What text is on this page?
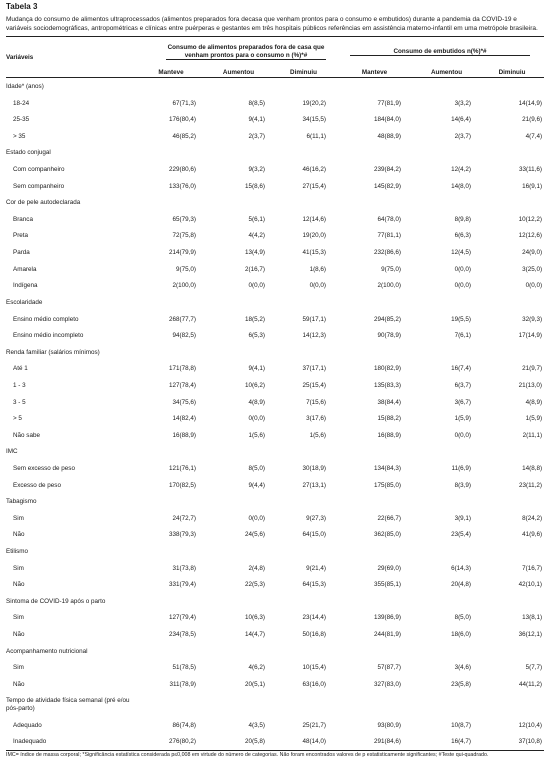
Tabela 3
Mudança do consumo de alimentos ultraprocessados (alimentos preparados fora decasa que venham prontos para o consumo e embutidos) durante a pandemia da COVID-19 e variáveis sociodemográficas, antropométricas e clínicas entre puérperas e gestantes em três hospitais públicos referências em assistência materno-infantil em uma metrópole brasileira.
Variáveis	Consumo de alimentos preparados fora de casa que venham prontos para o consumo n (%)*#			Consumo de embutidos n(%)*#		

	Manteve	Aumentou	Diminuiu	Manteve	Aumentou	Diminuiu
Idade* (anos)						
18-24	67(71,3)	8(8,5)	19(20,2)	77(81,9)	3(3,2)	14(14,9)
25-35	176(80,4)	9(4,1)	34(15,5)	184(84,0)	14(6,4)	21(9,6)
> 35	46(85,2)	2(3,7)	6(11,1)	48(88,9)	2(3,7)	4(7,4)
Estado conjugal						
Com companheiro	229(80,6)	9(3,2)	46(16,2)	239(84,2)	12(4,2)	33(11,6)
Sem companheiro	133(76,0)	15(8,6)	27(15,4)	145(82,9)	14(8,0)	16(9,1)
Cor de pele autodeclarada						
Branca	65(79,3)	5(6,1)	12(14,6)	64(78,0)	8(9,8)	10(12,2)
Preta	72(75,8)	4(4,2)	19(20,0)	77(81,1)	6(6,3)	12(12,6)
Parda	214(79,9)	13(4,9)	41(15,3)	232(86,6)	12(4,5)	24(9,0)
Amarela	9(75,0)	2(16,7)	1(8,6)	9(75,0)	0(0,0)	3(25,0)
Indígena	2(100,0)	0(0,0)	0(0,0)	2(100,0)	0(0,0)	0(0,0)
Escolaridade						
Ensino médio completo	268(77,7)	18(5,2)	59(17,1)	294(85,2)	19(5,5)	32(9,3)
Ensino médio incompleto	94(82,5)	6(5,3)	14(12,3)	90(78,9)	7(6,1)	17(14,9)
Renda familiar (salários mínimos)						
Até 1	171(78,8)	9(4,1)	37(17,1)	180(82,9)	16(7,4)	21(9,7)
1 - 3	127(78,4)	10(6,2)	25(15,4)	135(83,3)	6(3,7)	21(13,0)
3 - 5	34(75,6)	4(8,9)	7(15,6)	38(84,4)	3(6,7)	4(8,9)
> 5	14(82,4)	0(0,0)	3(17,6)	15(88,2)	1(5,9)	1(5,9)
Não sabe	16(88,9)	1(5,6)	1(5,6)	16(88,9)	0(0,0)	2(11,1)
IMC						
Sem excesso de peso	121(76,1)	8(5,0)	30(18,9)	134(84,3)	11(6,9)	14(8,8)
Excesso de peso	170(82,5)	9(4,4)	27(13,1)	175(85,0)	8(3,9)	23(11,2)
Tabagismo						
Sim	24(72,7)	0(0,0)	9(27,3)	22(66,7)	3(9,1)	8(24,2)
Não	338(79,3)	24(5,6)	64(15,0)	362(85,0)	23(5,4)	41(9,6)
Etilismo						
Sim	31(73,8)	2(4,8)	9(21,4)	29(69,0)	6(14,3)	7(16,7)
Não	331(79,4)	22(5,3)	64(15,3)	355(85,1)	20(4,8)	42(10,1)
Sintoma de COVID-19 após o parto						
Sim	127(79,4)	10(6,3)	23(14,4)	139(86,9)	8(5,0)	13(8,1)
Não	234(78,5)	14(4,7)	50(16,8)	244(81,9)	18(6,0)	36(12,1)
Acompanhamento nutricional						
Sim	51(78,5)	4(6,2)	10(15,4)	57(87,7)	3(4,6)	5(7,7)
Não	311(78,9)	20(5,1)	63(16,0)	327(83,0)	23(5,8)	44(11,2)
Tempo de atividade física semanal (pré e/ou pós-parto)						
Adequado	86(74,8)	4(3,5)	25(21,7)	93(80,9)	10(8,7)	12(10,4)
Inadequado	276(80,2)	20(5,8)	48(14,0)	291(84,6)	16(4,7)	37(10,8)
IMC= índice de massa corporal; *Significância estatística considerada p≤0,008 em virtude do número de categorias. Não foram encontrados valores de p estatisticamente significantes; #Teste qui-quadrado.
